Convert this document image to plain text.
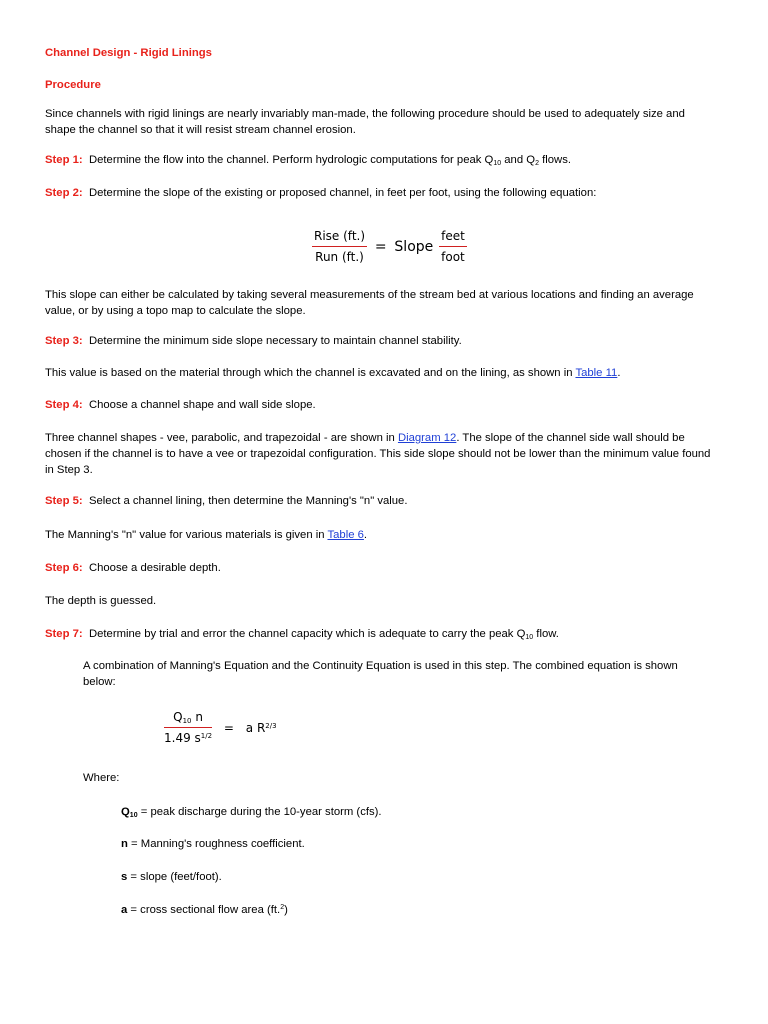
Channel Design - Rigid Linings

Procedure

Since channels with rigid linings are nearly invariably man-made, the following procedure should be used to adequately size and shape the channel so that it will resist stream channel erosion.

Step 1: Determine the flow into the channel. Perform hydrologic computations for peak $Q_{10}$ and $Q_2$ flows.

Step 2: Determine the slope of the existing or proposed channel, in feet per foot, using the following equation:

$\frac{\text{Rise (ft.)}}{\text{Run (ft.)}}$ = Slope $\frac{\text{feet}}{\text{foot}}$

This slope can either be calculated by taking several measurements of the stream bed at various locations and finding an average value, or by using a topo map to calculate the slope.

Step 3: Determine the minimum side slope necessary to maintain channel stability.

This value is based on the material through which the channel is excavated and on the lining, as shown in Table 11.

Step 4: Choose a channel shape and wall side slope.

Three channel shapes - vee, parabolic, and trapezoidal - are shown in Diagram 12. The slope of the channel side wall should be chosen if the channel is to have a vee or trapezoidal configuration. This side slope should not be lower than the minimum value found in Step 3.

Step 5: Select a channel lining, then determine the Manning's "n" value.

The Manning's "n" value for various materials is given in Table 6.

Step 6: Choose a desirable depth.

The depth is guessed.

Step 7: Determine by trial and error the channel capacity which is adequate to carry the peak $Q_{10}$ flow.

A combination of Manning's Equation and the Continuity Equation is used in this step. The combined equation is shown below:

$\frac{Q_{10} n}{1.49 s^{1/2}} = a$ $R^{2/3}$

Where:

$Q_{10}$ = peak discharge during the 10-year storm (cfs).

n = Manning's roughness coefficient.

s = slope (feet/foot).

a = cross sectional flow area (ft.$^2$)
